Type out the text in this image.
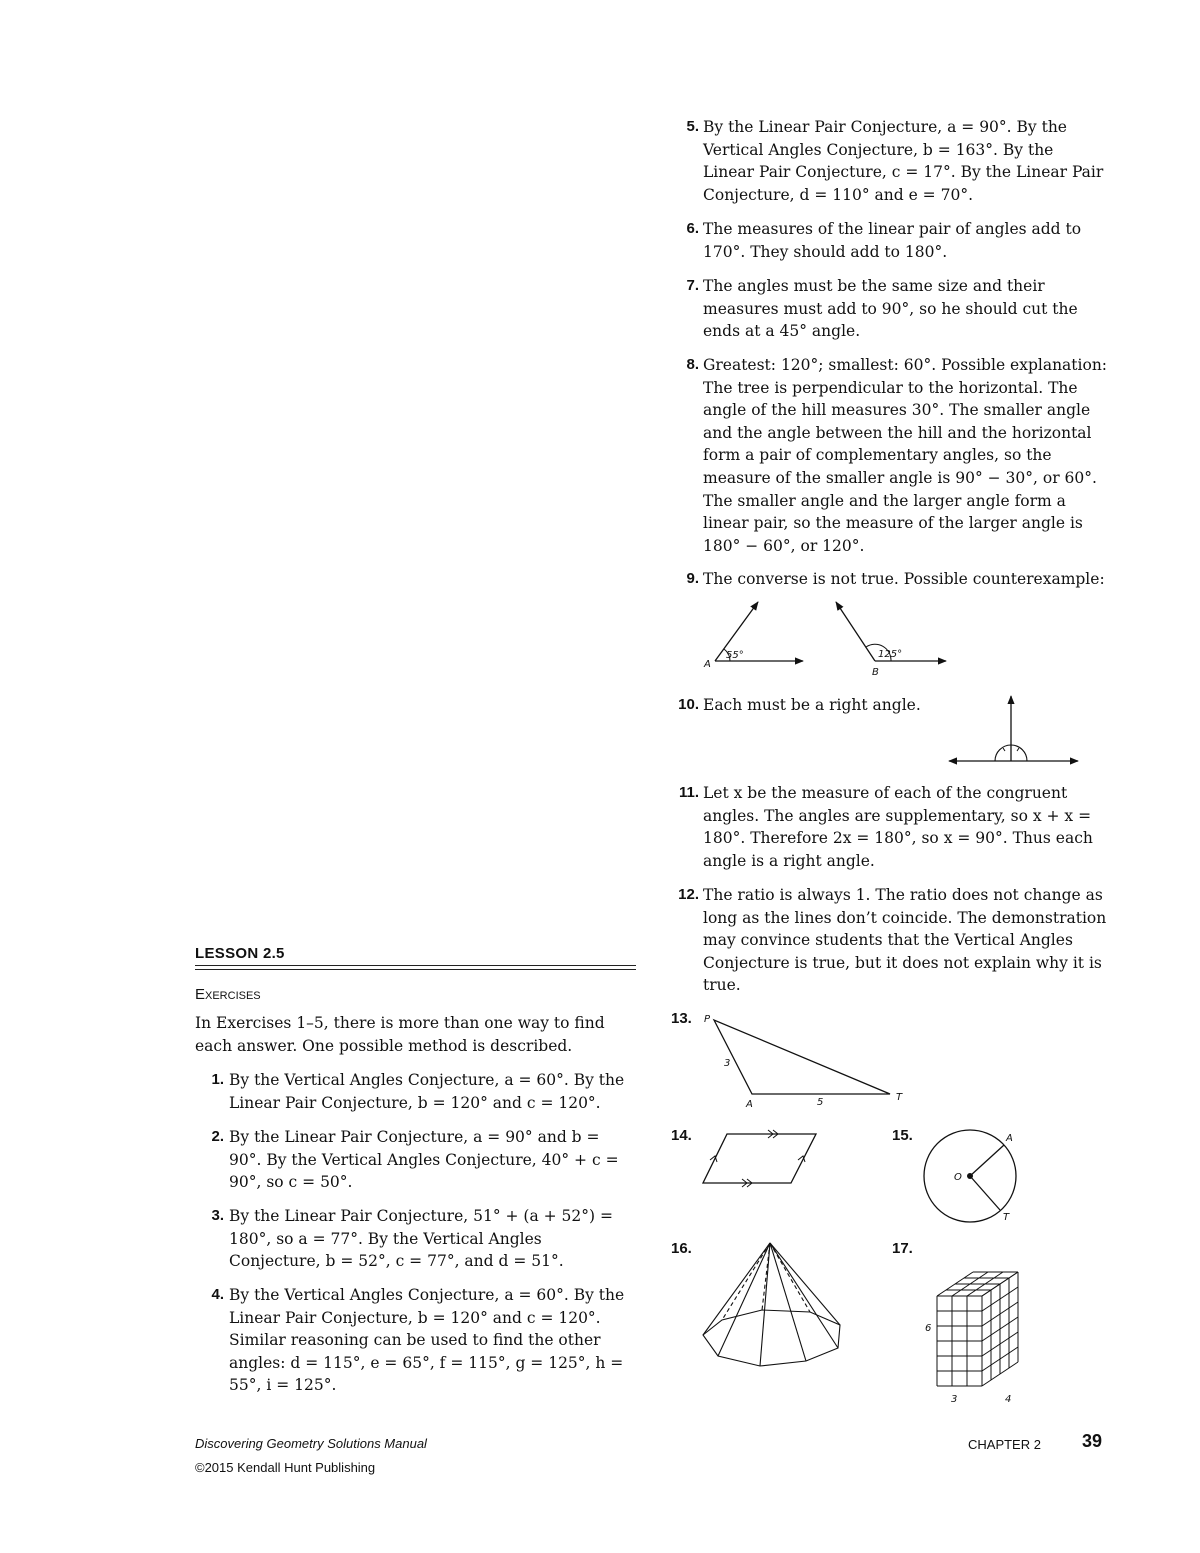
LESSON 2.5
Exercises
In Exercises 1–5, there is more than one way to find each answer. One possible method is described.
1. By the Vertical Angles Conjecture, a = 60°. By the Linear Pair Conjecture, b = 120° and c = 120°.
2. By the Linear Pair Conjecture, a = 90° and b = 90°. By the Vertical Angles Conjecture, 40° + c = 90°, so c = 50°.
3. By the Linear Pair Conjecture, 51° + (a + 52°) = 180°, so a = 77°. By the Vertical Angles Conjecture, b = 52°, c = 77°, and d = 51°.
4. By the Vertical Angles Conjecture, a = 60°. By the Linear Pair Conjecture, b = 120° and c = 120°. Similar reasoning can be used to find the other angles: d = 115°, e = 65°, f = 115°, g = 125°, h = 55°, i = 125°.
5. By the Linear Pair Conjecture, a = 90°. By the Vertical Angles Conjecture, b = 163°. By the Linear Pair Conjecture, c = 17°. By the Linear Pair Conjecture, d = 110° and e = 70°.
6. The measures of the linear pair of angles add to 170°. They should add to 180°.
7. The angles must be the same size and their measures must add to 90°, so he should cut the ends at a 45° angle.
8. Greatest: 120°; smallest: 60°. Possible explanation: The tree is perpendicular to the horizontal. The angle of the hill measures 30°. The smaller angle and the angle between the hill and the horizontal form a pair of complementary angles, so the measure of the smaller angle is 90° − 30°, or 60°. The smaller angle and the larger angle form a linear pair, so the measure of the larger angle is 180° − 60°, or 120°.
9. The converse is not true. Possible counterexample:
55°
A
125°
B
10. Each must be a right angle.
11. Let x be the measure of each of the congruent angles. The angles are supplementary, so x + x = 180°. Therefore 2x = 180°, so x = 90°. Thus each angle is a right angle.
12. The ratio is always 1. The ratio does not change as long as the lines don’t coincide. The demonstration may convince students that the Vertical Angles Conjecture is true, but it does not explain why it is true.
13. P
A
T
3
5
14.	15.
O
A
T
16.	17.
6
3	4
Discovering Geometry Solutions Manual
©2015 Kendall Hunt Publishing
CHAPTER 2 39
